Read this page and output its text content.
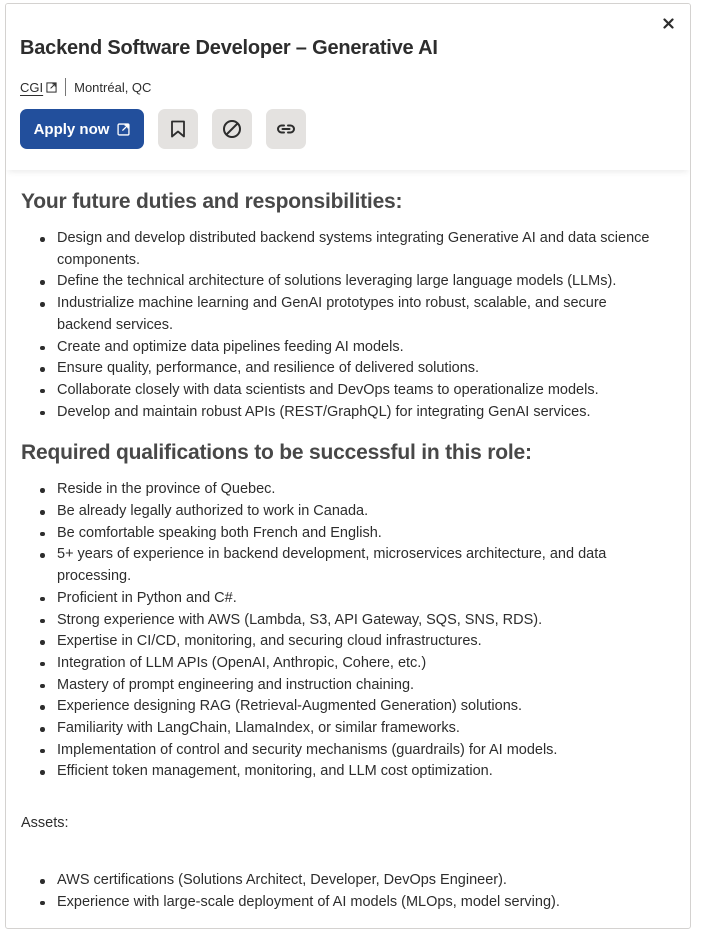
Backend Software Developer – Generative AI
CGI Montréal, QC
Apply now
Your future duties and responsibilities:
Design and develop distributed backend systems integrating Generative AI and data science components.
Define the technical architecture of solutions leveraging large language models (LLMs).
Industrialize machine learning and GenAI prototypes into robust, scalable, and secure backend services.
Create and optimize data pipelines feeding AI models.
Ensure quality, performance, and resilience of delivered solutions.
Collaborate closely with data scientists and DevOps teams to operationalize models.
Develop and maintain robust APIs (REST/GraphQL) for integrating GenAI services.
Required qualifications to be successful in this role:
Reside in the province of Quebec.
Be already legally authorized to work in Canada.
Be comfortable speaking both French and English.
5+ years of experience in backend development, microservices architecture, and data processing.
Proficient in Python and C#.
Strong experience with AWS (Lambda, S3, API Gateway, SQS, SNS, RDS).
Expertise in CI/CD, monitoring, and securing cloud infrastructures.
Integration of LLM APIs (OpenAI, Anthropic, Cohere, etc.)
Mastery of prompt engineering and instruction chaining.
Experience designing RAG (Retrieval-Augmented Generation) solutions.
Familiarity with LangChain, LlamaIndex, or similar frameworks.
Implementation of control and security mechanisms (guardrails) for AI models.
Efficient token management, monitoring, and LLM cost optimization.

Assets:

AWS certifications (Solutions Architect, Developer, DevOps Engineer).
Experience with large-scale deployment of AI models (MLOps, model serving).
